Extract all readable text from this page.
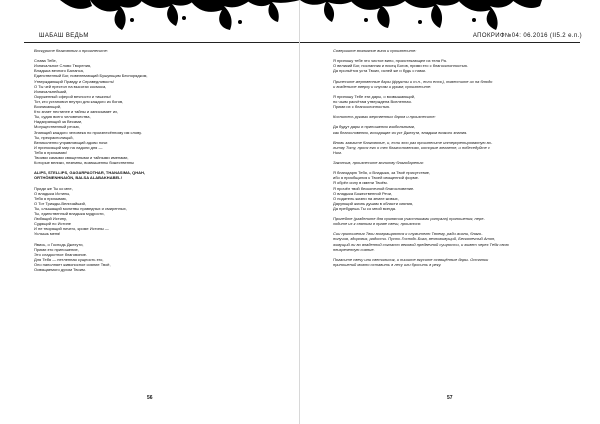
ШАБАШ ВЕДЬМ
Воскурите благовония и произнесите:
Слава Тебе,
Изначальное Слово Творения,
Владыка вечного Баланса,
Единственный Бог, повелевающий Бушующим Беспорядком,
Утверждающий Правду и Справедливость!
О Ты чей престол на высотах космоса,
Изначальнейший,
Окруженный сферой вечности и тишины!
Тот, кто установил внутри для каждого из богов,
Возникающий,
Кто знает нестинее и тайны и записывает их,
Ты, судия всего человечества,
Надзирающий за Весами,
Могущественный речью,
Знающий каждого человека по произнесённому им слову.
Ты, прекраснолицый,
Великолепно управляющий адово ночи
И приносящий мир на ладони дня —
Тебя я призываю!
Твоими самыми священными и тайными именами,
Которые велики, неземны, возвышенны божественны
ALIPS, STELLIPS, GAGARPAOTHAR, THANASIMA, QHAH,
ORTHÔMENHNAIÔN, BALSA ALABAKHABEL!
Приди же Ты ко мне,
О владыка Истины,
Тебя я призываю,
О Тот Трижды-Величайший,
Ты, слышащий молитвы праведных и смиренных,
Ты, единственный владыка мудрости,
Любящий Истину,
Судящий по Истине
И не творящий ничего, кроме Истины —
Услышь меня!
Явись, о Господь Джехути,
Прими это приношение,
Это сладостное благовоние.
Для Тебя — нетленная сущность его,
Оно наполняет живоносное сияние Твоё,
Освящаемого духом Твоим.
56
АПОКРИФ№04: 06.2016 (ІІ5.2 е.п.)
Совершите возлияние вина и произнесите:
Я приношу тебе это чистое вино, проистекающее из тела Ра.
О великий Бог, посланник и писец Богов, прими его с благосклонностью.
Да прольётся уста Твоих, испей же и будь с нами.
Принесите жертвенные дары (фрукты и т.п., если есть), поместите их на блюдо
и возденьте вверху к опусам и рукам; произнесите:
Я приношу Тебе эти дары, о возвышающий,
по чьим расчётам утверждена Вселенная.
Прими их с благосклонностью.
Коснитесь руками жертвенных даров и произнесите:
Да будут дары и приношения изобильными,
как благословения, исходящие из уст Джехути, владыки всякого знания.
Вновь зажгите благовоние, и, если это раз произнесите интерпретированную во-
литву Тоту, прося его о тех благословениях, которые желаете, и побеседуйте с
Ним.
Закончив, произнесите молитву благодарения:
Я благодарю Тебя, о Владыка, за Твоё присутствие,
ибо я приобщился к Твоей священной форме.
Я обрёл силу в имени Твоём.
Я прочёл твой бесконечной благословение.
О владыка Божественной Речи,
О податель жизни на земле живых,
Дарующий жизнь душам в области сияния,
Да пребудешь Ты со мной всегда.
Пролейте (разделите для принятия участниками ритуала) приношения, пере-
ходите их к святым в праве свечи, произнося:
Сии приношения Твои возвращаются к служителю Твоему, ради жизни, благо-
получия, здоровья, радости. Пусть Господь Бога, вечноживущий, Бесконечный Атон,
живущий ли во владенной согласно вековой предвечной сущности, и живет через Тебя свою
неизреченную сияние.
Погасите свечу или светильник, и пишите вкусите освящённые дары. Остатки
приношений можно оставить в лесу или бросить в реку.
57
